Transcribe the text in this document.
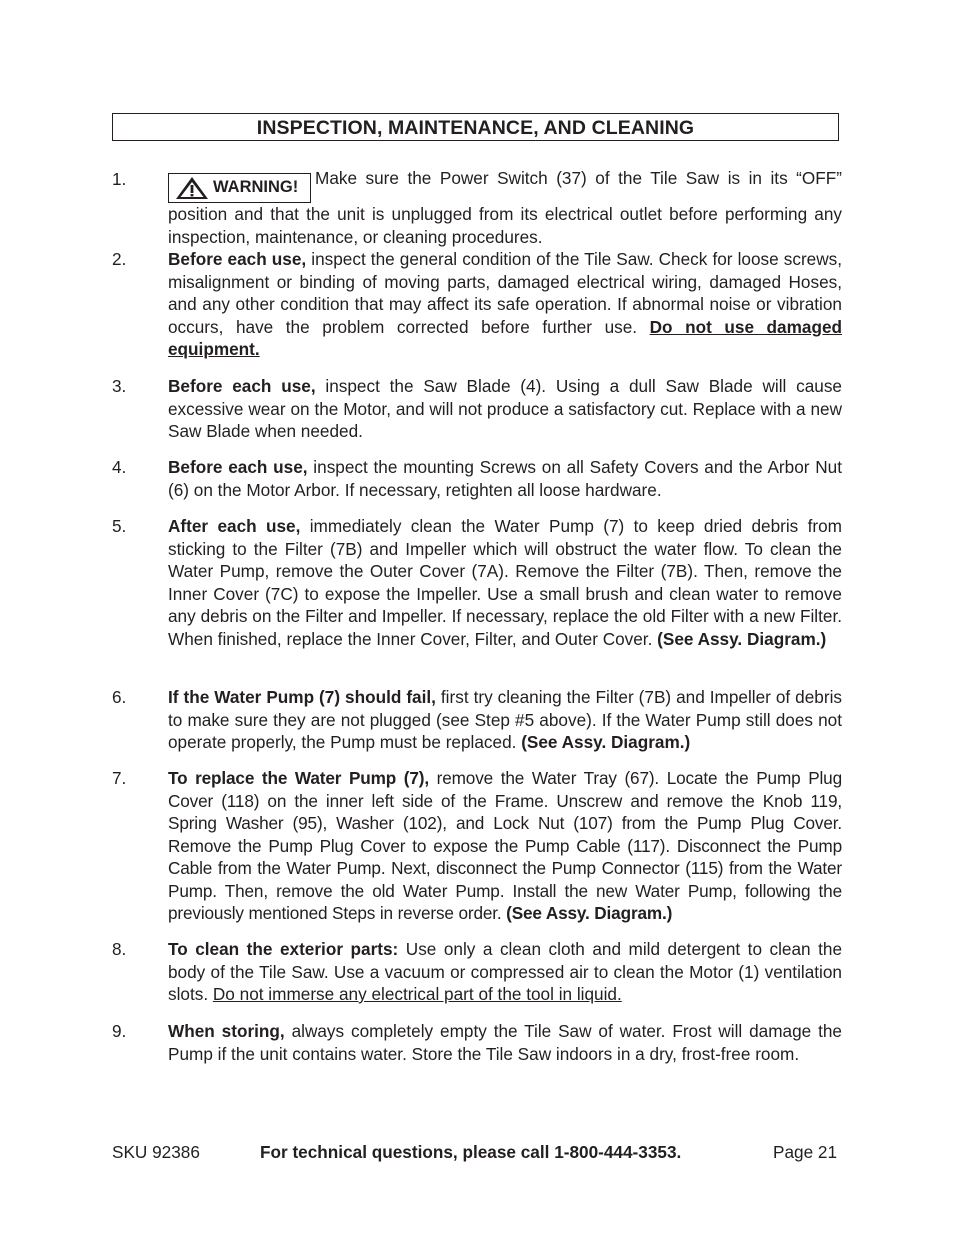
INSPECTION, MAINTENANCE, AND CLEANING
1.	WARNING! Make sure the Power Switch (37) of the Tile Saw is in its “OFF” position and that the unit is unplugged from its electrical outlet before performing any inspection, maintenance, or cleaning procedures.
2.	Before each use, inspect the general condition of the Tile Saw. Check for loose screws, misalignment or binding of moving parts, damaged electrical wiring, damaged Hoses, and any other condition that may affect its safe operation. If abnormal noise or vibration occurs, have the problem corrected before further use. Do not use damaged equipment.
3.	Before each use, inspect the Saw Blade (4). Using a dull Saw Blade will cause excessive wear on the Motor, and will not produce a satisfactory cut. Replace with a new Saw Blade when needed.
4.	Before each use, inspect the mounting Screws on all Safety Covers and the Arbor Nut (6) on the Motor Arbor. If necessary, retighten all loose hardware.
5.	After each use, immediately clean the Water Pump (7) to keep dried debris from sticking to the Filter (7B) and Impeller which will obstruct the water flow. To clean the Water Pump, remove the Outer Cover (7A). Remove the Filter (7B). Then, remove the Inner Cover (7C) to expose the Impeller. Use a small brush and clean water to remove any debris on the Filter and Impeller. If necessary, replace the old Filter with a new Filter. When finished, replace the Inner Cover, Filter, and Outer Cover. (See Assy. Diagram.)
6.	If the Water Pump (7) should fail, first try cleaning the Filter (7B) and Impeller of debris to make sure they are not plugged (see Step #5 above). If the Water Pump still does not operate properly, the Pump must be replaced. (See Assy. Diagram.)
7.	To replace the Water Pump (7), remove the Water Tray (67). Locate the Pump Plug Cover (118) on the inner left side of the Frame. Unscrew and remove the Knob 119, Spring Washer (95), Washer (102), and Lock Nut (107) from the Pump Plug Cover. Remove the Pump Plug Cover to expose the Pump Cable (117). Disconnect the Pump Cable from the Water Pump. Next, disconnect the Pump Connector (115) from the Water Pump. Then, remove the old Water Pump. Install the new Water Pump, following the previously mentioned Steps in reverse order. (See Assy. Diagram.)
8.	To clean the exterior parts: Use only a clean cloth and mild detergent to clean the body of the Tile Saw. Use a vacuum or compressed air to clean the Motor (1) ventilation slots. Do not immerse any electrical part of the tool in liquid.
9.	When storing, always completely empty the Tile Saw of water. Frost will damage the Pump if the unit contains water. Store the Tile Saw indoors in a dry, frost-free room.
SKU 92386	For technical questions, please call 1-800-444-3353.	Page 21
